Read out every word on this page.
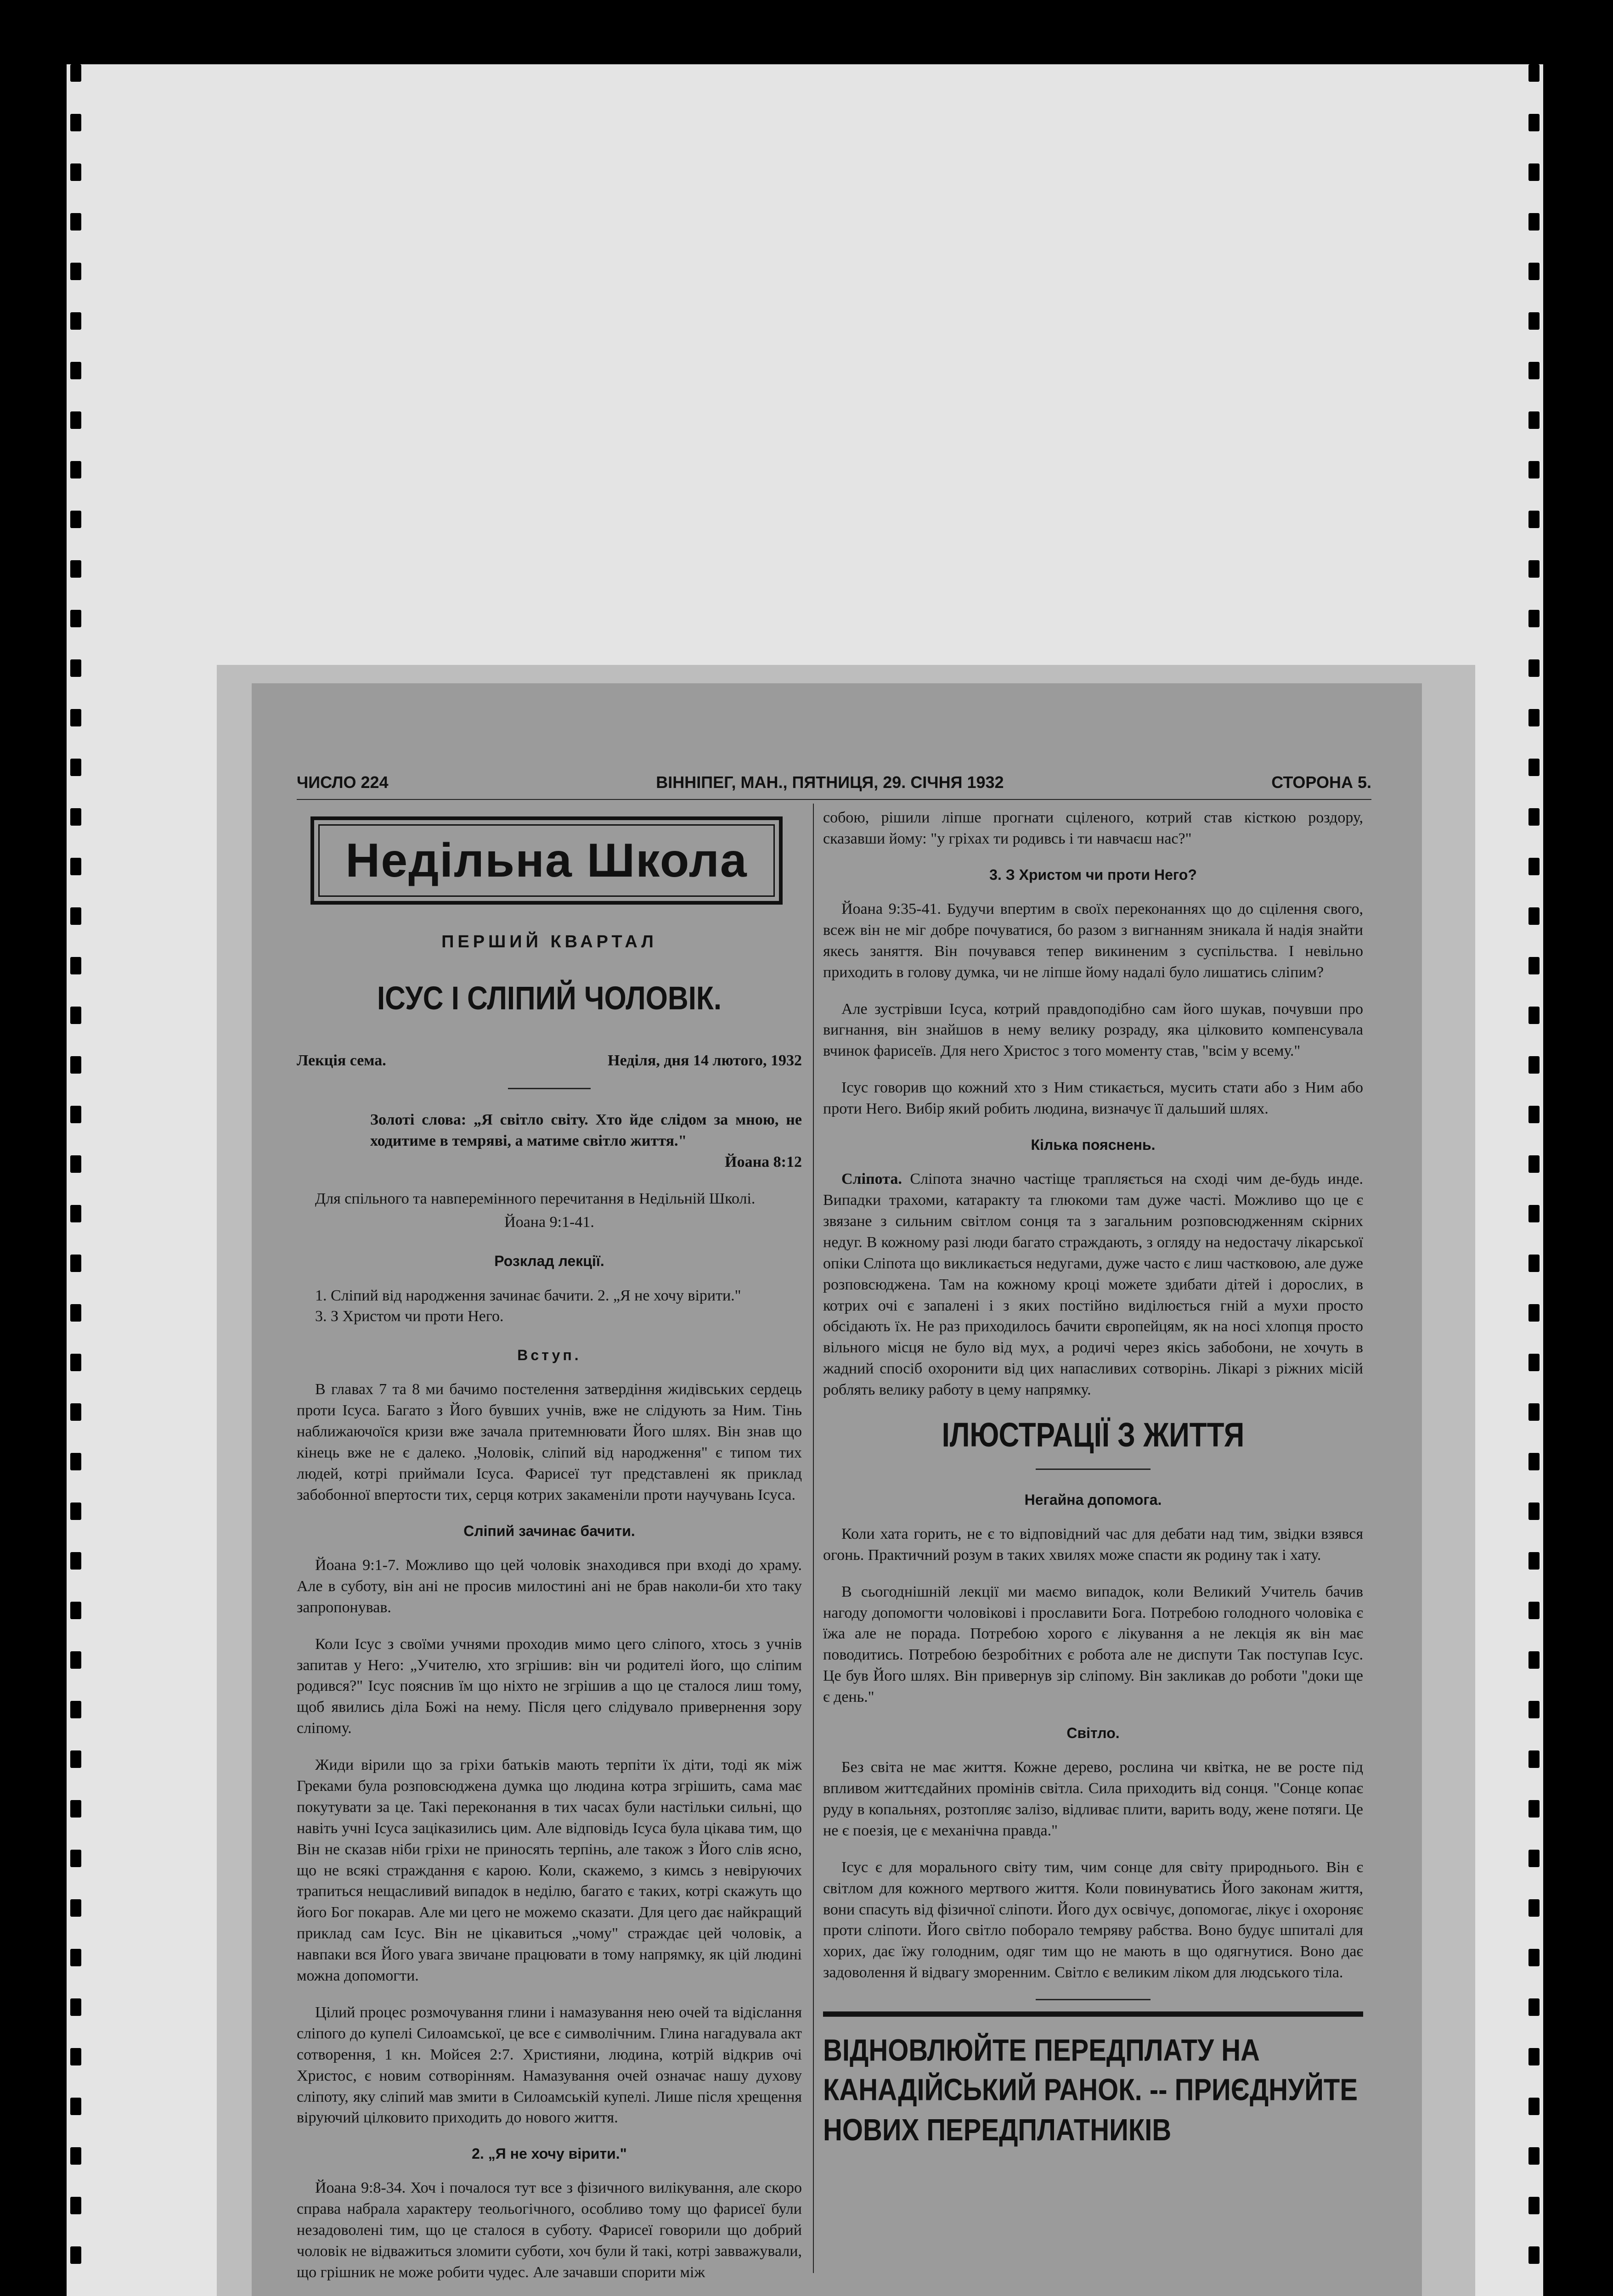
ЧИСЛО 224	ВІННІПЕГ, МАН., ПЯТНИЦЯ, 29. СІЧНЯ 1932	СТОРОНА 5.
Недільна Школа
ПЕРШИЙ КВАРТАЛ
ІСУС І СЛІПИЙ ЧОЛОВІК.
Лекція сема.	Неділя, дня 14 лютого, 1932

Золоті слова: „Я світло світу. Хто йде слідом за мною, не ходитиме в темряві, а матиме світло життя."
Йоана 8:12

Для спільного та навперемінного перечитання в Недільній Школі.

Йоана 9:1-41.
Розклад лекції.

1. Сліпий від народження зачинає бачити. 2. „Я не хочу вірити."

3. З Христом чи проти Него.

Вступ.

В главах 7 та 8 ми бачимо постелення затвердіння жидівських сердець проти Ісуса. Багато з Його бувших учнів, вже не слідують за Ним. Тінь наближаючоїся кризи вже зачала притемнювати Його шлях. Він знав що кінець вже не є далеко. „Чоловік, сліпий від народження" є типом тих людей, котрі приймали Ісуса. Фарисеї тут представлені як приклад забобонної впертости тих, серця котрих закаменіли проти научувань Ісуса.

Сліпий зачинає бачити.

Йоана 9:1-7. Можливо що цей чоловік знаходився при вході до храму. Але в суботу, він ані не просив милостині ані не брав наколи-би хто таку запропонував.

Коли Ісус з своїми учнями проходив мимо цего сліпого, хтось з учнів запитав у Него: „Учителю, хто згрішив: він чи родителі його, що сліпим родився?" Ісус пояснив їм що ніхто не згрішив а що це сталося лиш тому, щоб явились діла Божі на нему. Після цего слідувало привернення зору сліпому.

Жиди вірили що за гріхи батьків мають терпіти їх діти, тоді як між Греками була розповсюджена думка що людина котра згрішить, сама має покутувати за це. Такі переконання в тих часах були настільки сильні, що навіть учні Ісуса заціказились цим. Але відповідь Ісуса була цікава тим, що Він не сказав ніби гріхи не приносять терпінь, але також з Його слів ясно, що не всякі страждання є карою. Коли, скажемо, з кимсь з невіруючих трапиться нещасливий випадок в неділю, багато є таких, котрі скажуть що його Бог покарав. Але ми цего не можемо сказати. Для цего дає найкращий приклад сам Ісус. Він не цікавиться „чому" страждає цей чоловік, а навпаки вся Його увага звичане працювати в тому напрямку, як цій людині можна допомогти.

Цілий процес розмочування глини і намазування нею очей та відіслання сліпого до купелі Силоамської, це все є символічним. Глина нагадувала акт сотворення, 1 кн. Мойсея 2:7. Християни, людина, котрій відкрив очі Христос, є новим сотворінням. Намазування очей означає нашу духову сліпоту, яку сліпий мав змити в Силоамській купелі. Лише після хрещення віруючий цілковито приходить до нового життя.

2. „Я не хочу вірити."

Йоана 9:8-34. Хоч і почалося тут все з фізичного вилікування, але скоро справа набрала характеру теольогічного, особливо тому що фарисеї були незадоволені тим, що це сталося в суботу. Фарисеї говорили що добрий чоловік не відважиться зломити суботи, хоч були й такі, котрі завважували, що грішник не може робити чудес. Але зачавши спорити між

собою, рішили ліпше прогнати сціленого, котрий став кісткою роздору, сказавши йому: "у гріхах ти родивсь і ти навчаєш нас?"

3. З Христом чи проти Него?

Йоана 9:35-41. Будучи впертим в своїх переконаннях що до сцілення свого, всеж він не міг добре почуватися, бо разом з вигнанням зникала й надія знайти якесь заняття. Він почувався тепер викиненим з суспільства. І невільно приходить в голову думка, чи не ліпше йому надалі було лишатись сліпим?

Але зустрівши Ісуса, котрий правдоподібно сам його шукав, почувши про вигнання, він знайшов в нему велику розраду, яка цілковито компенсувала вчинок фарисеїв. Для него Христос з того моменту став, "всім у всему."

Ісус говорив що кожний хто з Ним стикається, мусить стати або з Ним або проти Него. Вибір який робить людина, визначує її дальший шлях.

Кілька пояснень.

Сліпота. Сліпота значно частіще трапляється на сході чим де-будь инде. Випадки трахоми, катаракту та глюкоми там дуже часті. Можливо що це є звязане з сильним світлом сонця та з загальним розповсюдженням скірних недуг. В кожному разі люди багато страждають, з огляду на недостачу лікарської опіки Сліпота що викликається недугами, дуже часто є лиш частковою, але дуже розповсюджена. Там на кожному кроці можете здибати дітей і дорослих, в котрих очі є запалені і з яких постійно виділюється гній а мухи просто обсідають їх. Не раз приходилось бачити європейцям, як на носі хлопця просто вільного місця не було від мух, а родичі через якісь забобони, не хочуть в жадний спосіб охоронити від цих напасливих сотворінь. Лікарі з ріжних місій роблять велику работу в цему напрямку.

ІЛЮСТРАЦІЇ З ЖИТТЯ
Негайна допомога.

Коли хата горить, не є то відповідний час для дебати над тим, звідки взявся огонь. Практичний розум в таких хвилях може спасти як родину так і хату.

В сьогоднішній лекції ми маємо випадок, коли Великий Учитель бачив нагоду допомогти чоловікові і прославити Бога. Потребою голодного чоловіка є їжа але не порада. Потребою хорого є лікування а не лекція як він має поводитись. Потребою безробітних є робота але не диспути Так поступав Ісус. Це був Його шлях. Він привернув зір сліпому. Він закликав до роботи "доки ще є день."

Світло.

Без світа не має життя. Кожне дерево, рослина чи квітка, не ве росте під впливом життєдайних промінів світла. Сила приходить від сонця. "Сонце копає руду в копальнях, розтопляє залізо, відливає плити, варить воду, жене потяги. Це не є поезія, це є механічна правда."

Ісус є для морального світу тим, чим сонце для світу природнього. Він є світлом для кожного мертвого життя. Коли повинуватись Його законам життя, вони спасуть від фізичної сліпоти. Його дух освічує, допомогає, лікує і охороняє проти сліпоти. Його світло поборало темряву рабства. Воно будує шпиталі для хорих, дає їжу голодним, одяг тим що не мають в що одягнутися. Воно дає задоволення й відвагу зморенним. Світло є великим ліком для людського тіла.

ВІДНОВЛЮЙТЕ ПЕРЕДПЛАТУ НА КАНАДІЙСЬКИЙ РАНОК. -- ПРИЄДНУЙТЕ НОВИХ ПЕРЕДПЛАТНИКІВ
